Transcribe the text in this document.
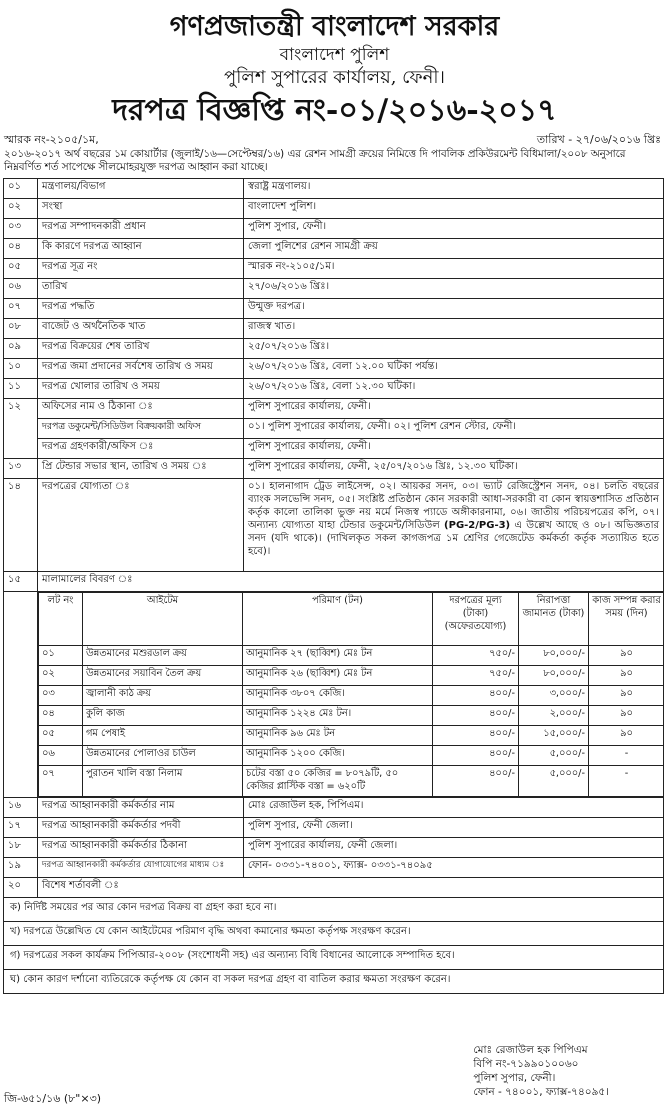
গণপ্রজাতন্ত্রী বাংলাদেশ সরকার
বাংলাদেশ পুলিশ
পুলিশ সুপারের কার্যালয়, ফেনী।
দরপত্র বিজ্ঞপ্তি নং-০১/২০১৬-২০১৭
স্মারক নং-২১০৫/১ম,	তারিখ - ২৭/০৬/২০১৬ খ্রিঃ
২০১৬-২০১৭ অর্থ বছরের ১ম কোয়ার্টার (জুলাই/১৬—সেপ্টেম্বর/১৬) এর রেশন সামগ্রী ক্রয়ের নিমিত্তে দি পাবলিক প্রকিউরমেন্ট বিধিমালা/২০০৮ অনুসারে নিম্নবর্ণিত শর্ত সাপেক্ষে সীলমোহরযুক্ত দরপত্র আহ্বান করা যাচ্ছে।
০১	মন্ত্রণালয়/বিভাগ	স্বরাষ্ট্র মন্ত্রণালয়।
০২	সংস্থা	বাংলাদেশ পুলিশ।
০৩	দরপত্র সম্পাদনকারী প্রধান	পুলিশ সুপার, ফেনী।
০৪	কি কারণে দরপত্র আহ্বান	জেলা পুলিশের রেশন সামগ্রী ক্রয়
০৫	দরপত্র সূত্র নং	স্মারক নং-২১০৫/১ম।
০৬	তারিখ	২৭/০৬/২০১৬ খ্রিঃ।
০৭	দরপত্র পদ্ধতি	উন্মুক্ত দরপত্র।
০৮	বাজেট ও অর্থনৈতিক খাত	রাজস্ব খাত।
০৯	দরপত্র বিক্রয়ের শেষ তারিখ	২৫/০৭/২০১৬ খ্রিঃ।
১০	দরপত্র জমা প্রদানের সর্বশেষ তারিখ ও সময়	২৬/০৭/২০১৬ খ্রিঃ, বেলা ১২.০০ ঘটিকা পর্যন্ত।
১১	দরপত্র খোলার তারিখ ও সময়	২৬/০৭/২০১৬ খ্রিঃ, বেলা ১২.৩০ ঘটিকা।
১২	অফিসের নাম ও ঠিকানা ঃ	পুলিশ সুপারের কার্যালয়, ফেনী।
দরপত্র ডকুমেন্ট/সিডিউল বিক্রয়কারী অফিস	০১। পুলিশ সুপারের কার্যালয়, ফেনী। ০২। পুলিশ রেশন স্টোর, ফেনী।
দরপত্র গ্রহণকারী/অফিস ঃ	পুলিশ সুপারের কার্যালয়, ফেনী।
১৩	প্রি টেন্ডার সভার স্থান, তারিখ ও সময় ঃ	পুলিশ সুপারের কার্যালয়, ফেনী, ২৫/০৭/২০১৬ খ্রিঃ, ১২.৩০ ঘটিকা।
১৪	দরপত্রের যোগ্যতা ঃ	০১। হালনাগাদ ট্রেড লাইসেন্স, ০২। আয়কর সনদ, ০৩। ভ্যাট রেজিস্ট্রেশন সনদ, ০৪। চলতি বছরের ব্যাংক সলভেন্সি সনদ, ০৫। সংশ্লিষ্ট প্রতিষ্ঠান কোন সরকারী আধা-সরকারী বা কোন স্বায়ত্তশাসিত প্রতিষ্ঠান কর্তৃক কালো তালিকা ভুক্ত নয় মর্মে নিজস্ব প্যাডে অঙ্গীকারনামা, ০৬। জাতীয় পরিচয়পত্রের কপি, ০৭। অন্যান্য যোগ্যতা যাহা টেন্ডার ডকুমেন্ট/সিডিউল (PG-2/PG-3) এ উল্লেখ আছে ও ০৮। অভিজ্ঞতার সনদ (যদি থাকে)। (দাখিলকৃত সকল কাগজপত্র ১ম শ্রেণির গেজেটেড কর্মকর্তা কর্তৃক সত্যায়িত হতে হবে)।
১৫	মালামালের বিবরণ ঃ

লট নং	আইটেম	পরিমাণ (টন)	দরপত্রের মূল্য (টাকা) (অফেরতযোগ্য)	নিরাপত্তা জামানত (টাকা)	কাজ সম্পন্ন করার সময় (দিন)
০১	উন্নতমানের মশুরডাল ক্রয়	আনুমানিক ২৭ (ছাব্বিশ) মেঃ টন	৭৫০/-	৮০,০০০/-	৯০
০২	উন্নতমানের সয়াবিন তৈল ক্রয়	আনুমানিক ২৬ (ছাব্বিশ) মেঃ টন	৭৫০/-	৮০,০০০/-	৯০
০৩	জ্বালানী কাঠ ক্রয়	আনুমানিক ৩৮০৭ কেজি।	৪০০/-	৩,০০০/-	৯০
০৪	কুলি কাজ	আনুমানিক ১২২৪ মেঃ টন।	৪০০/-	২,০০০/-	৯০
০৫	গম পেষাই	আনুমানিক ৯৬ মেঃ টন	৪০০/-	১৫,০০০/-	৯০
০৬	উন্নতমানের পোলাওর চাউল	আনুমানিক ১২০০ কেজি।	৪০০/-	৫,০০০/-	-
০৭	পুরাতন খালি বস্তা নিলাম	চটের বস্তা ৫০ কেজির = ৮০৭৯টি, ৫০ কেজির প্লাস্টিক বস্তা = ৬২০টি	৪০০/-	৫,০০০/-	-

১৬	দরপত্র আহ্বানকারী কর্মকর্তার নাম	মোঃ রেজাউল হক, পিপিএম।
১৭	দরপত্র আহ্বানকারী কর্মকর্তার পদবী	পুলিশ সুপার, ফেনী জেলা।
১৮	দরপত্র আহ্বানকারী কর্মকর্তার ঠিকানা	পুলিশ সুপারের কার্যালয়, ফেনী জেলা।
১৯	দরপত্র আহ্বানকারী কর্মকর্তার যোগাযোগের মাধ্যম ঃ	ফোন- ০৩৩১-৭৪০০১, ফ্যাক্স- ০৩৩১-৭৪০৯৫
২০	বিশেষ শর্তাবলী ঃ
ক) নির্দিষ্ট সময়ের পর আর কোন দরপত্র বিক্রয় বা গ্রহণ করা হবে না।
খ) দরপত্রে উল্লেখিত যে কোন আইটেমের পরিমাণ বৃদ্ধি অথবা কমানোর ক্ষমতা কর্তৃপক্ষ সংরক্ষণ করেন।
গ) দরপত্রের সকল কার্যক্রম পিপিআর-২০০৮ (সংশোধনী সহ) এর অন্যান্য বিধি বিধানের আলোকে সম্পাদিত হবে।
ঘ) কোন কারণ দর্শানো ব্যতিরেকে কর্তৃপক্ষ যে কোন বা সকল দরপত্র গ্রহণ বা বাতিল করার ক্ষমতা সংরক্ষণ করেন।
মোঃ রেজাউল হক পিপিএম
বিপি নং-৭১৯৯০১০০৬০
পুলিশ সুপার, ফেনী।
ফোন - ৭৪০০১, ফ্যাক্স-৭৪০৯৫।
জি-৬৫১/১৬ (৮"×৩)
